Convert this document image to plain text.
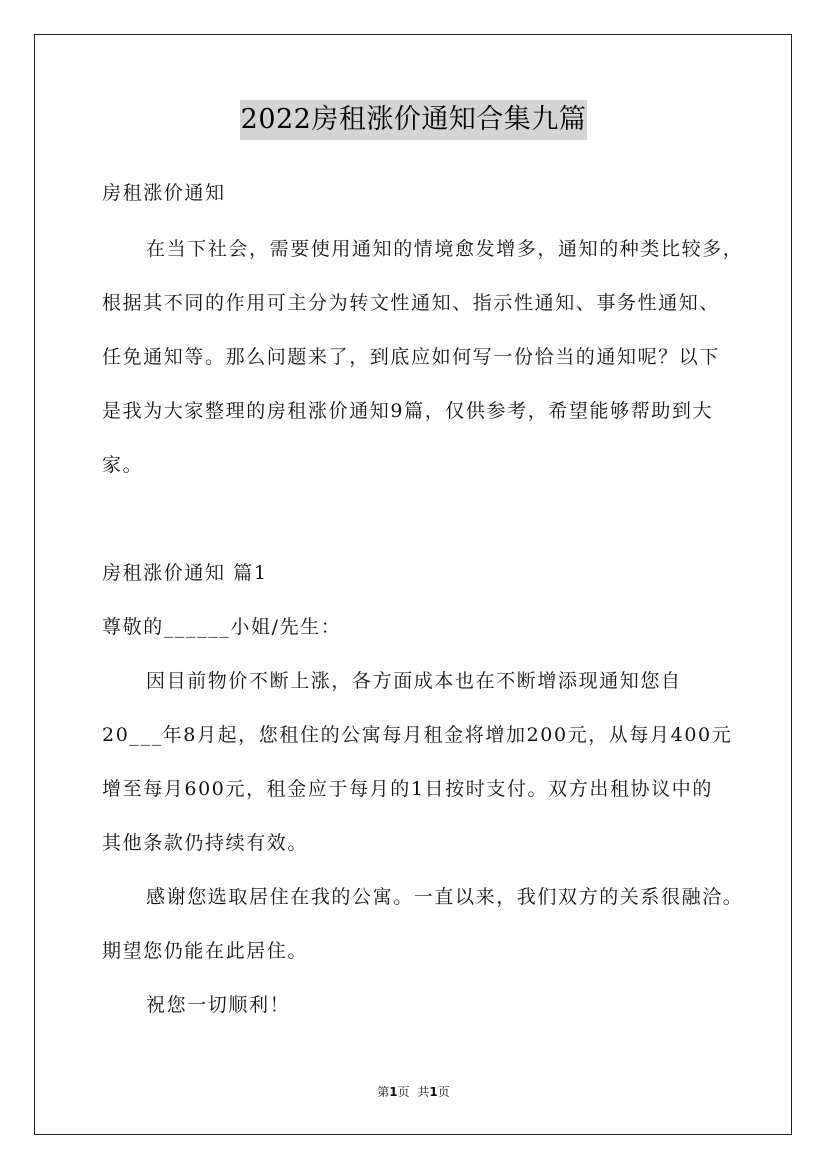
2022房租涨价通知合集九篇
房租涨价通知
在当下社会，需要使用通知的情境愈发增多，通知的种类比较多，
根据其不同的作用可主分为转文性通知、指示性通知、事务性通知、
任免通知等。那么问题来了，到底应如何写一份恰当的通知呢？以下
是我为大家整理的房租涨价通知9篇，仅供参考，希望能够帮助到大
家。
房租涨价通知 篇1
尊敬的______小姐/先生：
因目前物价不断上涨，各方面成本也在不断增添现通知您自
20___年8月起，您租住的公寓每月租金将增加200元，从每月400元
增至每月600元，租金应于每月的1日按时支付。双方出租协议中的
其他条款仍持续有效。
感谢您选取居住在我的公寓。一直以来，我们双方的关系很融洽。
期望您仍能在此居住。
祝您一切顺利！
第1页 共1页
